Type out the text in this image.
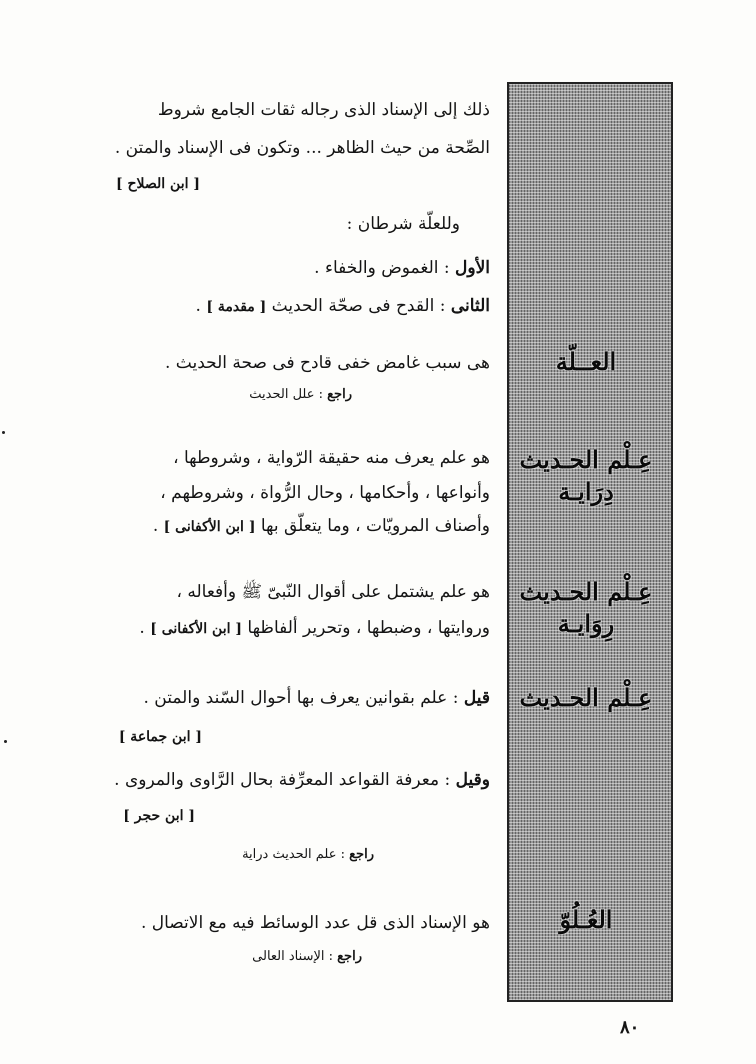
العــلّة
عِـلْم الحـديث
دِرَايـة
عِـلْم الحـديث
رِوَايـة
عِـلْم الحـديث
العُـلُوّ
ذلك إلى الإسناد الذى رجاله ثقات الجامع شروط
الصِّحة من حيث الظاهر ... وتكون فى الإسناد والمتن .
[ ابن الصلاح ]
وللعلّة شرطان :
الأول : الغموض والخفاء .
الثانى : القدح فى صحّة الحديث [ مقدمة ] .
هى سبب غامض خفى قادح فى صحة الحديث .
راجع : علل الحديث
هو علم يعرف منه حقيقة الرّواية ، وشروطها ،
وأنواعها ، وأحكامها ، وحال الرُّواة ، وشروطهم ،
وأصناف المرويّات ، وما يتعلّق بها [ ابن الأكفانى ] .
هو علم يشتمل على أقوال النّبىّ ﷺ وأفعاله ،
وروايتها ، وضبطها ، وتحرير ألفاظها [ ابن الأكفانى ] .
قيل : علم بقوانين يعرف بها أحوال السّند والمتن .
[ ابن جماعة ]
وقيل : معرفة القواعد المعرِّفة بحال الرَّاوى والمروى .
[ ابن حجر ]
راجع : علم الحديث دراية
هو الإسناد الذى قل عدد الوسائط فيه مع الاتصال .
راجع : الإسناد العالى
٨٠
